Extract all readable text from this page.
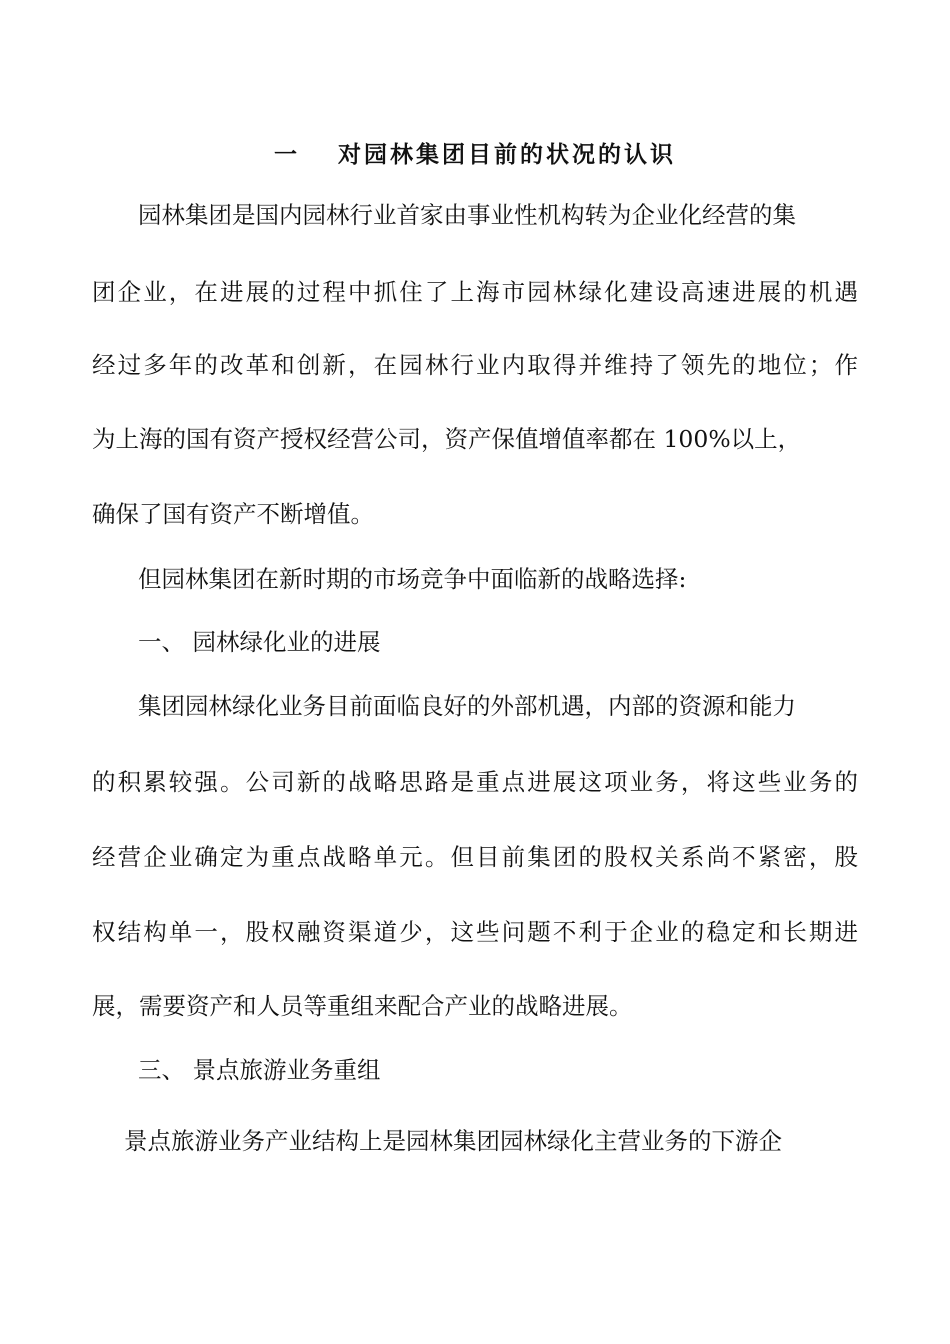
一 对园林集团目前的状况的认识
园林集团是国内园林行业首家由事业性机构转为企业化经营的集
团企业，在进展的过程中抓住了上海市园林绿化建设高速进展的机遇
经过多年的改革和创新，在园林行业内取得并维持了领先的地位；作
为上海的国有资产授权经营公司，资产保值增值率都在 100%以上，
确保了国有资产不断增值。
但园林集团在新时期的市场竞争中面临新的战略选择:
一、 园林绿化业的进展
集团园林绿化业务目前面临良好的外部机遇，内部的资源和能力
的积累较强。公司新的战略思路是重点进展这项业务，将这些业务的
经营企业确定为重点战略单元。但目前集团的股权关系尚不紧密，股
权结构单一，股权融资渠道少，这些问题不利于企业的稳定和长期进
展，需要资产和人员等重组来配合产业的战略进展。
三、 景点旅游业务重组
景点旅游业务产业结构上是园林集团园林绿化主营业务的下游企
